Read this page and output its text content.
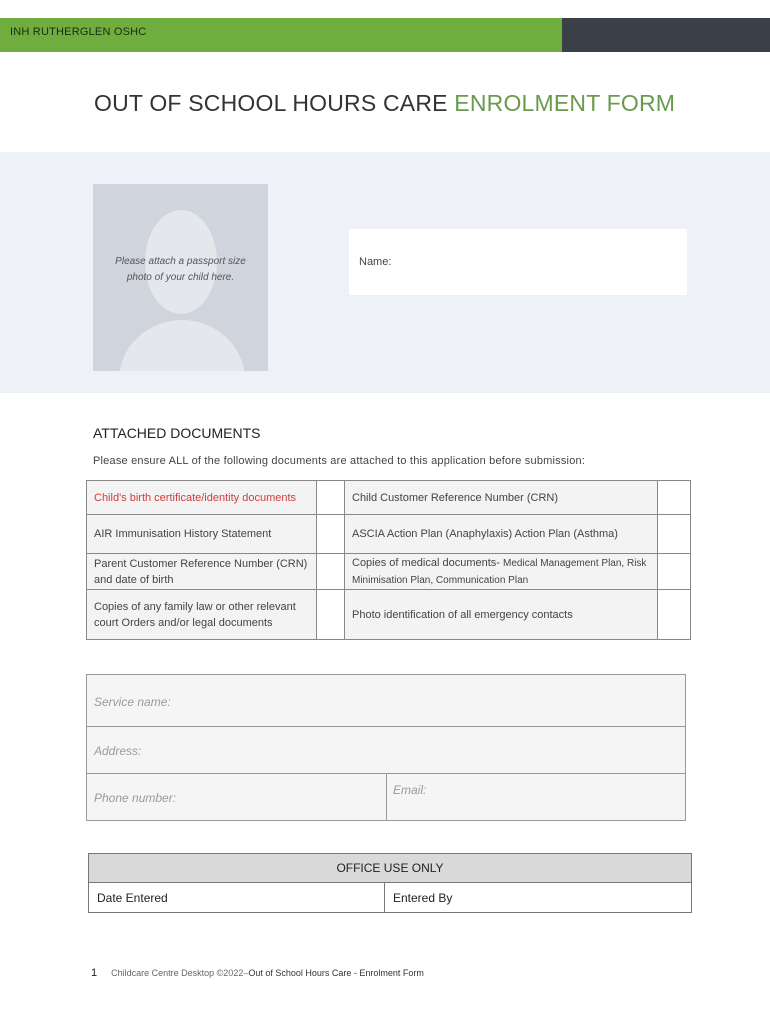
INH RUTHERGLEN OSHC
OUT OF SCHOOL HOURS CARE ENROLMENT FORM
Please attach a passport size
photo of your child here.
Name:
ATTACHED DOCUMENTS
Please ensure ALL of the following documents are attached to this application before submission:
Child's birth certificate/identity documents		Child Customer Reference Number (CRN)	
AIR Immunisation History Statement		ASCIA Action Plan (Anaphylaxis) Action Plan (Asthma)	
Parent Customer Reference Number (CRN) and date of birth		Copies of medical documents- Medical Management Plan, Risk Minimisation Plan, Communication Plan	
Copies of any family law or other relevant court Orders and/or legal documents		Photo identification of all emergency contacts	
Service name:
Address:
Phone number:
Email:
OFFICE USE ONLY
Date Entered	Entered By
1 Childcare Centre Desktop ©2022–Out of School Hours Care - Enrolment Form
